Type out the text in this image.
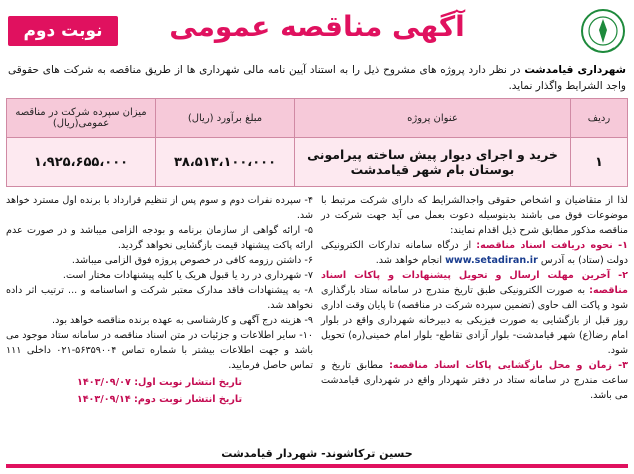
آگهی مناقصه عمومی
نوبت دوم
شهرداری قیامدشت در نظر دارد پروژه های مشروح ذیل را به استناد آیین نامه مالی شهرداری ها از طریق مناقصه به شرکت های حقوقی واجد الشرایط واگذار نماید.
ردیف	عنوان پروژه	مبلغ برآورد (ریال)	میزان سپرده شرکت در مناقصه عمومی(ریال)
۱	خرید و اجرای دیوار پیش ساخته پیرامونی بوستان بام شهر قیامدشت	۳۸،۵۱۳،۱۰۰،۰۰۰	۱،۹۲۵،۶۵۵،۰۰۰
لذا از متقاضیان و اشخاص حقوقی واجدالشرایط که دارای شرکت مرتبط با موضوعات فوق می باشند بدینوسیله دعوت بعمل می آید جهت شرکت در مناقصه مذکور مطابق شرح ذیل اقدام نمایند:
۱- نحوه دریافت اسناد مناقصه: از درگاه سامانه تدارکات الکترونیکی دولت (ستاد) به آدرس www.setadiran.ir انجام خواهد شد.
۲- آخرین مهلت ارسال و تحویل پیشنهادات و پاکات اسناد مناقصه: به صورت الکترونیکی طبق تاریخ مندرج در سامانه ستاد بارگذاری شود و پاکت الف حاوی (تضمین سپرده شرکت در مناقصه) تا پایان وقت اداری روز قبل از بازگشایی به صورت فیزیکی به دبیرخانه شهرداری واقع در بلوار امام رضا(ع) شهر قیامدشت- بلوار آزادی تقاطع- بلوار امام خمینی(ره) تحویل شود.
۳- زمان و محل بازگشایی پاکات اسناد مناقصه: مطابق تاریخ و ساعت مندرج در سامانه ستاد در دفتر شهردار واقع در شهرداری قیامدشت می باشد.
۴- سپرده نفرات دوم و سوم پس از تنظیم قرارداد با برنده اول مسترد خواهد شد.
۵- ارائه گواهی از سازمان برنامه و بودجه الزامی میباشد و در صورت عدم ارائه پاکت پیشنهاد قیمت بازگشایی نخواهد گردید.
۶- داشتن رزومه کافی در خصوص پروژه فوق الزامی میباشد.
۷- شهرداری در رد یا قبول هریک یا کلیه پیشنهادات مختار است.
۸- به پیشنهادات فاقد مدارک معتبر شرکت و اساسنامه و ... ترتیب اثر داده نخواهد شد.
۹- هزینه درج آگهی و کارشناسی به عهده برنده مناقصه خواهد بود.
۱۰- سایر اطلاعات و جزئیات در متن اسناد مناقصه در سامانه ستاد موجود می باشد و جهت اطلاعات بیشتر با شماره تماس ۵۶۳۵۹۰۰۴-۰۲۱ داخلی ۱۱۱ تماس حاصل فرمایید.
تاریخ انتشار نوبت اول: ۱۴۰۳/۰۹/۰۷
تاریخ انتشار نوبت دوم: ۱۴۰۳/۰۹/۱۴
حسین ترکاشوند- شهردار قیامدشت
